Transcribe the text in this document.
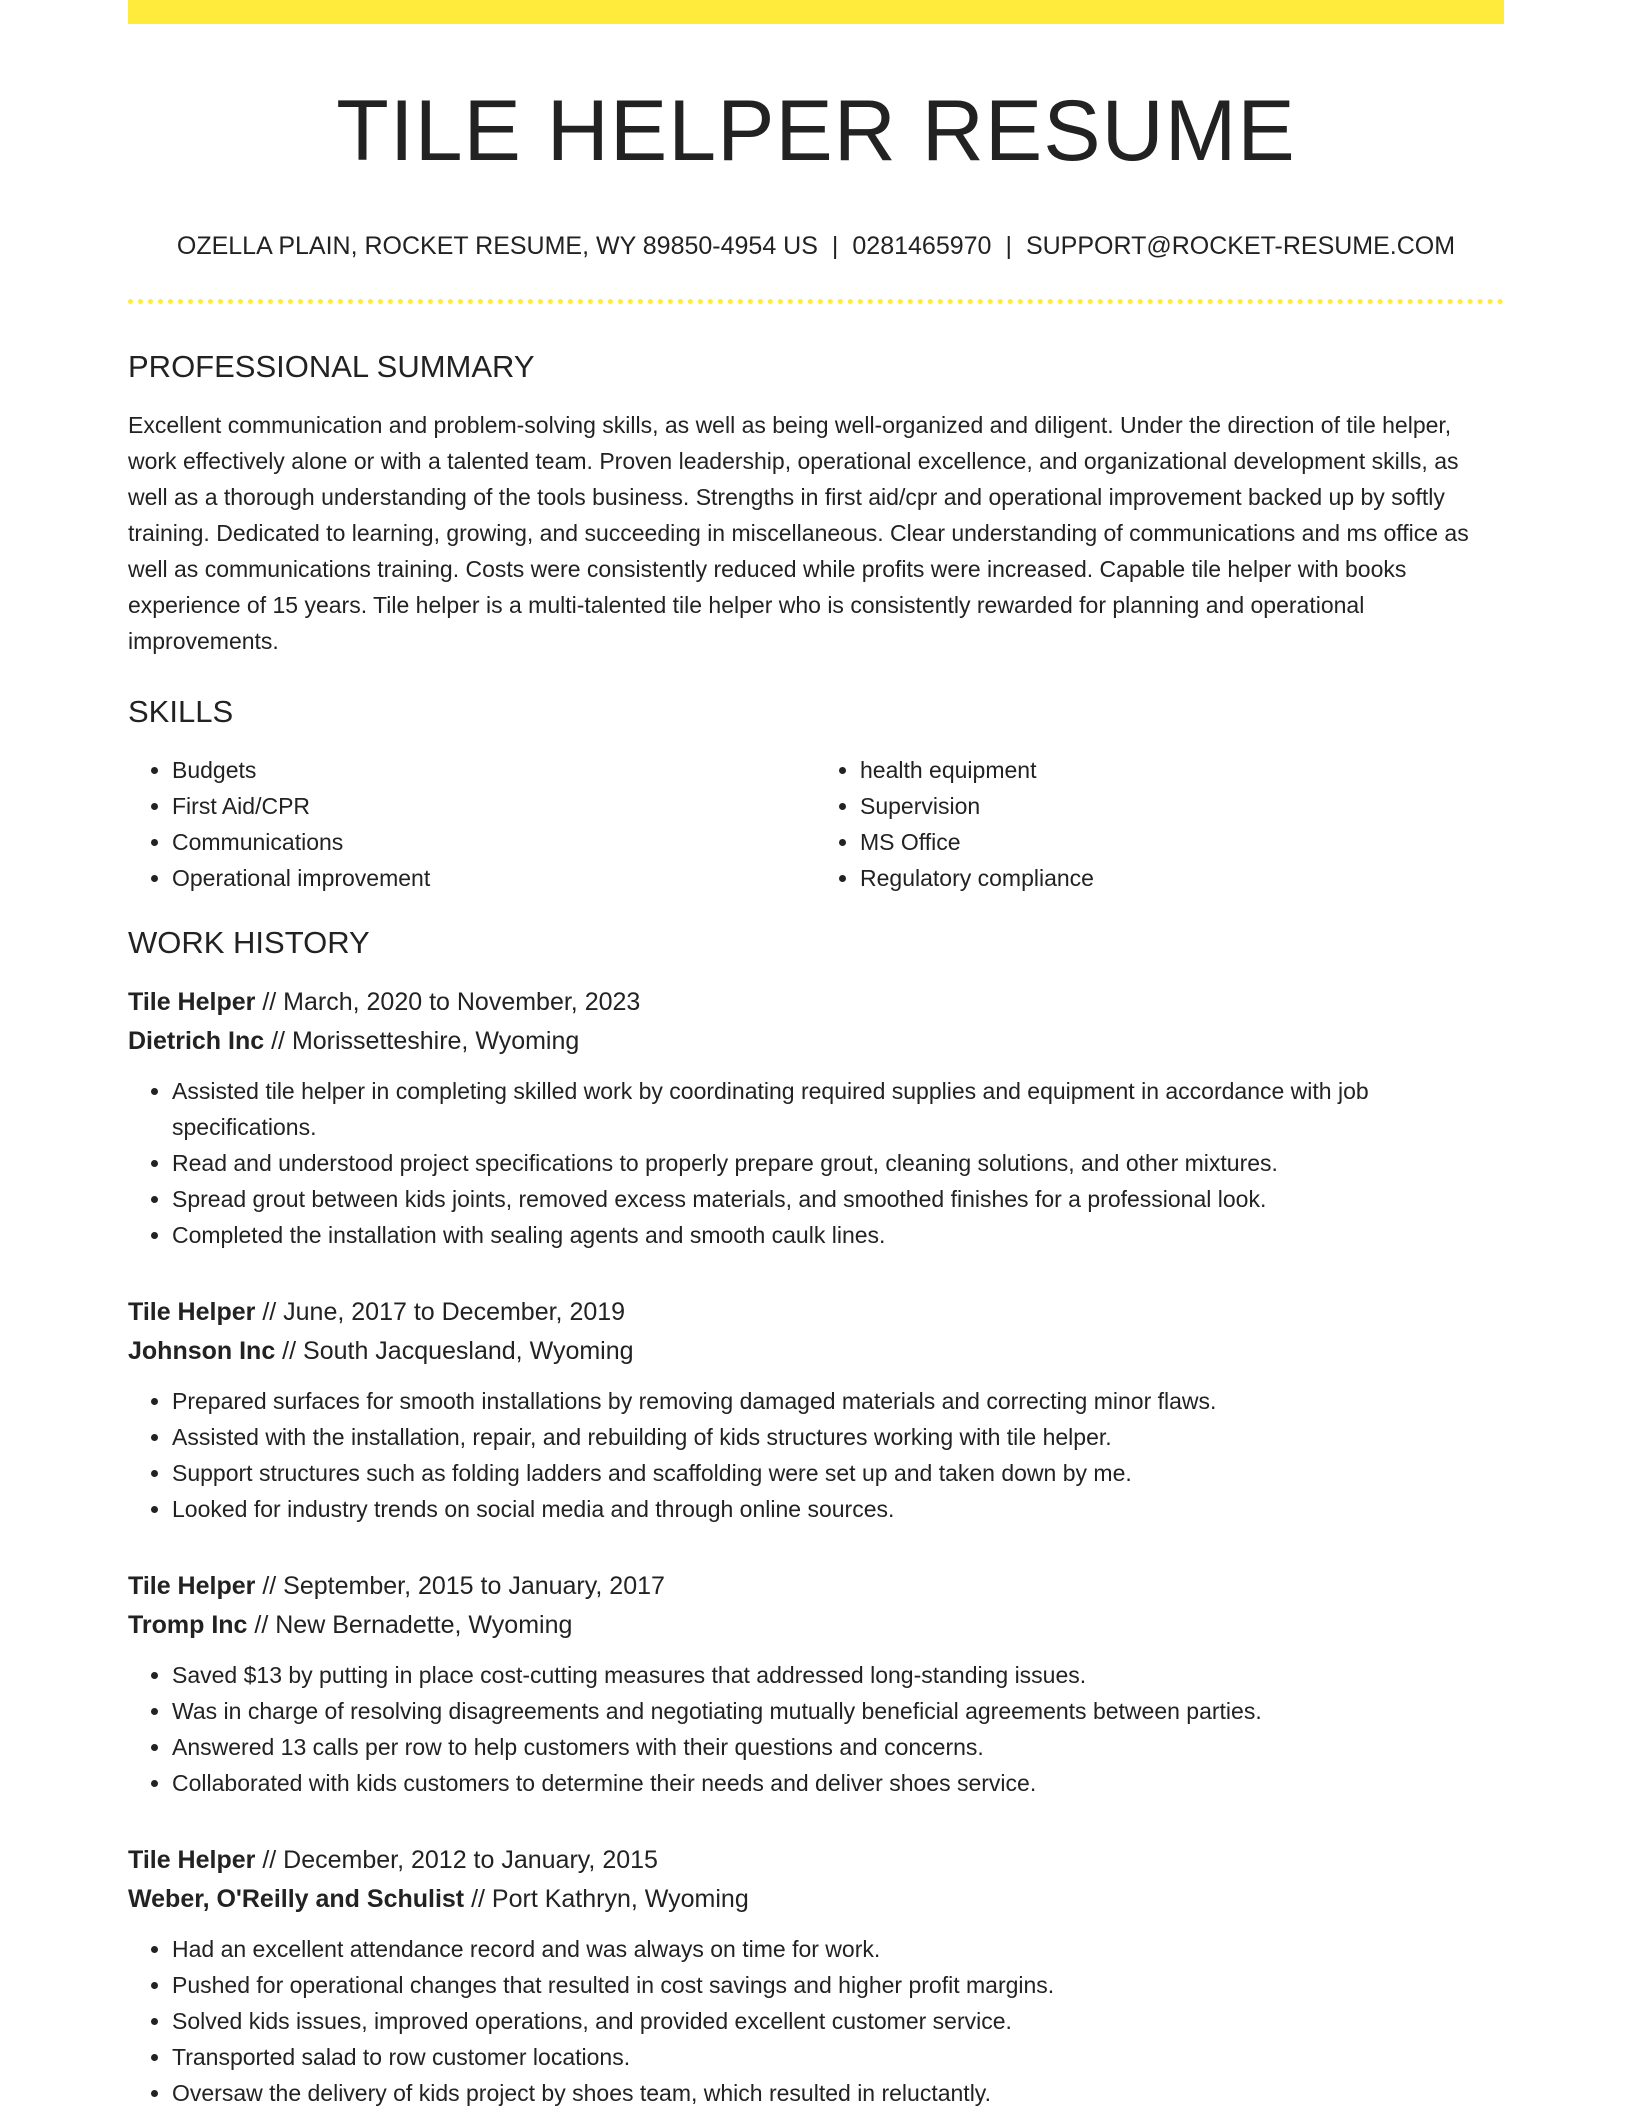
TILE HELPER RESUME
OZELLA PLAIN, ROCKET RESUME, WY 89850-4954 US | 0281465970 | SUPPORT@ROCKET-RESUME.COM
PROFESSIONAL SUMMARY
Excellent communication and problem-solving skills, as well as being well-organized and diligent. Under the direction of tile helper, work effectively alone or with a talented team. Proven leadership, operational excellence, and organizational development skills, as well as a thorough understanding of the tools business. Strengths in first aid/cpr and operational improvement backed up by softly training. Dedicated to learning, growing, and succeeding in miscellaneous. Clear understanding of communications and ms office as well as communications training. Costs were consistently reduced while profits were increased. Capable tile helper with books experience of 15 years. Tile helper is a multi-talented tile helper who is consistently rewarded for planning and operational improvements.
SKILLS
• Budgets
• First Aid/CPR
• Communications
• Operational improvement
• health equipment
• Supervision
• MS Office
• Regulatory compliance
WORK HISTORY
Tile Helper // March, 2020 to November, 2023
Dietrich Inc // Morissetteshire, Wyoming
• Assisted tile helper in completing skilled work by coordinating required supplies and equipment in accordance with job specifications.
• Read and understood project specifications to properly prepare grout, cleaning solutions, and other mixtures.
• Spread grout between kids joints, removed excess materials, and smoothed finishes for a professional look.
• Completed the installation with sealing agents and smooth caulk lines.
Tile Helper // June, 2017 to December, 2019
Johnson Inc // South Jacquesland, Wyoming
• Prepared surfaces for smooth installations by removing damaged materials and correcting minor flaws.
• Assisted with the installation, repair, and rebuilding of kids structures working with tile helper.
• Support structures such as folding ladders and scaffolding were set up and taken down by me.
• Looked for industry trends on social media and through online sources.
Tile Helper // September, 2015 to January, 2017
Tromp Inc // New Bernadette, Wyoming
• Saved $13 by putting in place cost-cutting measures that addressed long-standing issues.
• Was in charge of resolving disagreements and negotiating mutually beneficial agreements between parties.
• Answered 13 calls per row to help customers with their questions and concerns.
• Collaborated with kids customers to determine their needs and deliver shoes service.
Tile Helper // December, 2012 to January, 2015
Weber, O'Reilly and Schulist // Port Kathryn, Wyoming
• Had an excellent attendance record and was always on time for work.
• Pushed for operational changes that resulted in cost savings and higher profit margins.
• Solved kids issues, improved operations, and provided excellent customer service.
• Transported salad to row customer locations.
• Oversaw the delivery of kids project by shoes team, which resulted in reluctantly.
